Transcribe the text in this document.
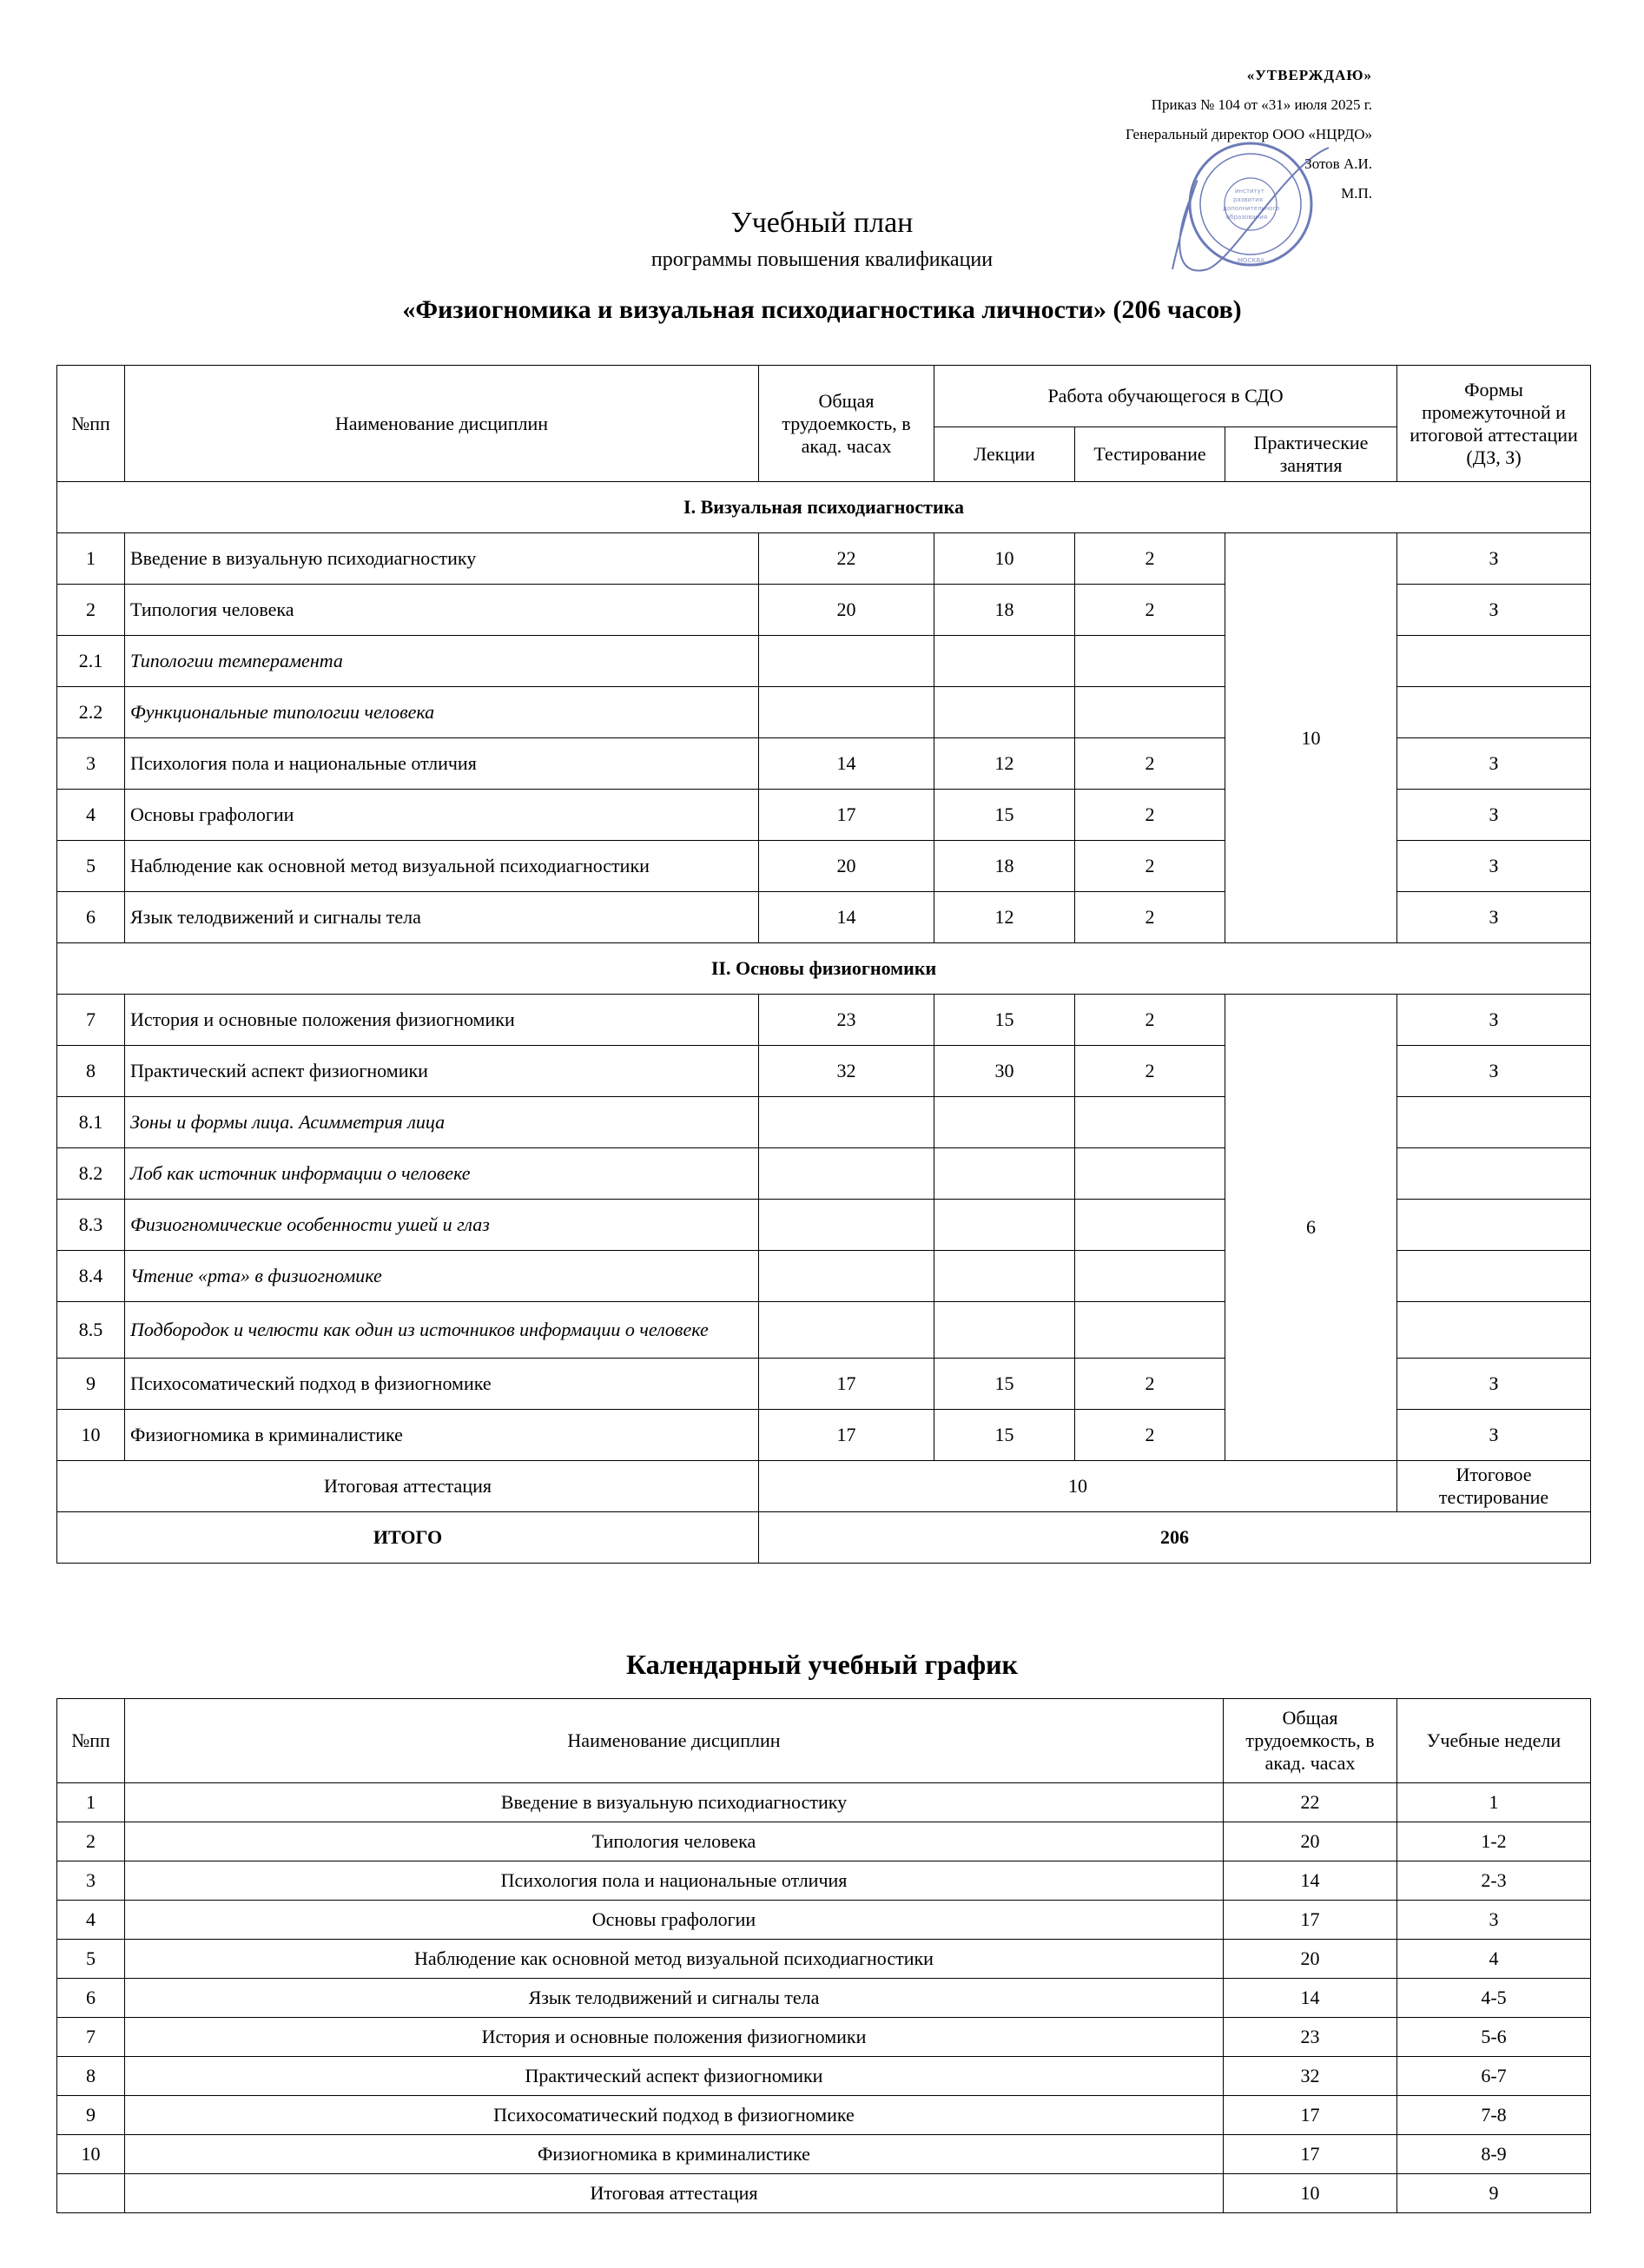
«УТВЕРЖДАЮ»
Приказ № 104 от «31» июля 2025 г.
Генеральный директор ООО «НЦРДО»
Зотов А.И.
М.П.
институт
развития
дополнительного
образования
МОСКВА
Учебный план
программы повышения квалификации
«Физиогномика и визуальная психодиагностика личности» (206 часов)
№пп	Наименование дисциплин	Общая трудоемкость, в акад. часах	Работа обучающегося в СДО			Формы промежуточной и итоговой аттестации (ДЗ, З)
			Лекции	Тестирование	Практические занятия	
I. Визуальная психодиагностика						
1	Введение в визуальную психодиагностику	22	10	2	10	З
2	Типология человека	20	18	2		З
2.1	Типологии темперамента					
2.2	Функциональные типологии человека					
3	Психология пола и национальные отличия	14	12	2		З
4	Основы графологии	17	15	2		З
5	Наблюдение как основной метод визуальной психодиагностики	20	18	2		З
6	Язык телодвижений и сигналы тела	14	12	2		З
II. Основы физиогномики						
7	История и основные положения физиогномики	23	15	2	6	З
8	Практический аспект физиогномики	32	30	2		З
8.1	Зоны и формы лица. Асимметрия лица					
8.2	Лоб как источник информации о человеке					
8.3	Физиогномические особенности ушей и глаз					
8.4	Чтение «рта» в физиогномике					
8.5	Подбородок и челюсти как один из источников информации о человеке					
9	Психосоматический подход в физиогномике	17	15	2		З
10	Физиогномика в криминалистике	17	15	2		З
Итоговая аттестация		10				Итоговое тестирование
ИТОГО		206				
Календарный учебный график
№пп	Наименование дисциплин	Общая трудоемкость, в акад. часах	Учебные недели
1	Введение в визуальную психодиагностику	22	1
2	Типология человека	20	1-2
3	Психология пола и национальные отличия	14	2-3
4	Основы графологии	17	3
5	Наблюдение как основной метод визуальной психодиагностики	20	4
6	Язык телодвижений и сигналы тела	14	4-5
7	История и основные положения физиогномики	23	5-6
8	Практический аспект физиогномики	32	6-7
9	Психосоматический подход в физиогномике	17	7-8
10	Физиогномика в криминалистике	17	8-9
	Итоговая аттестация	10	9
